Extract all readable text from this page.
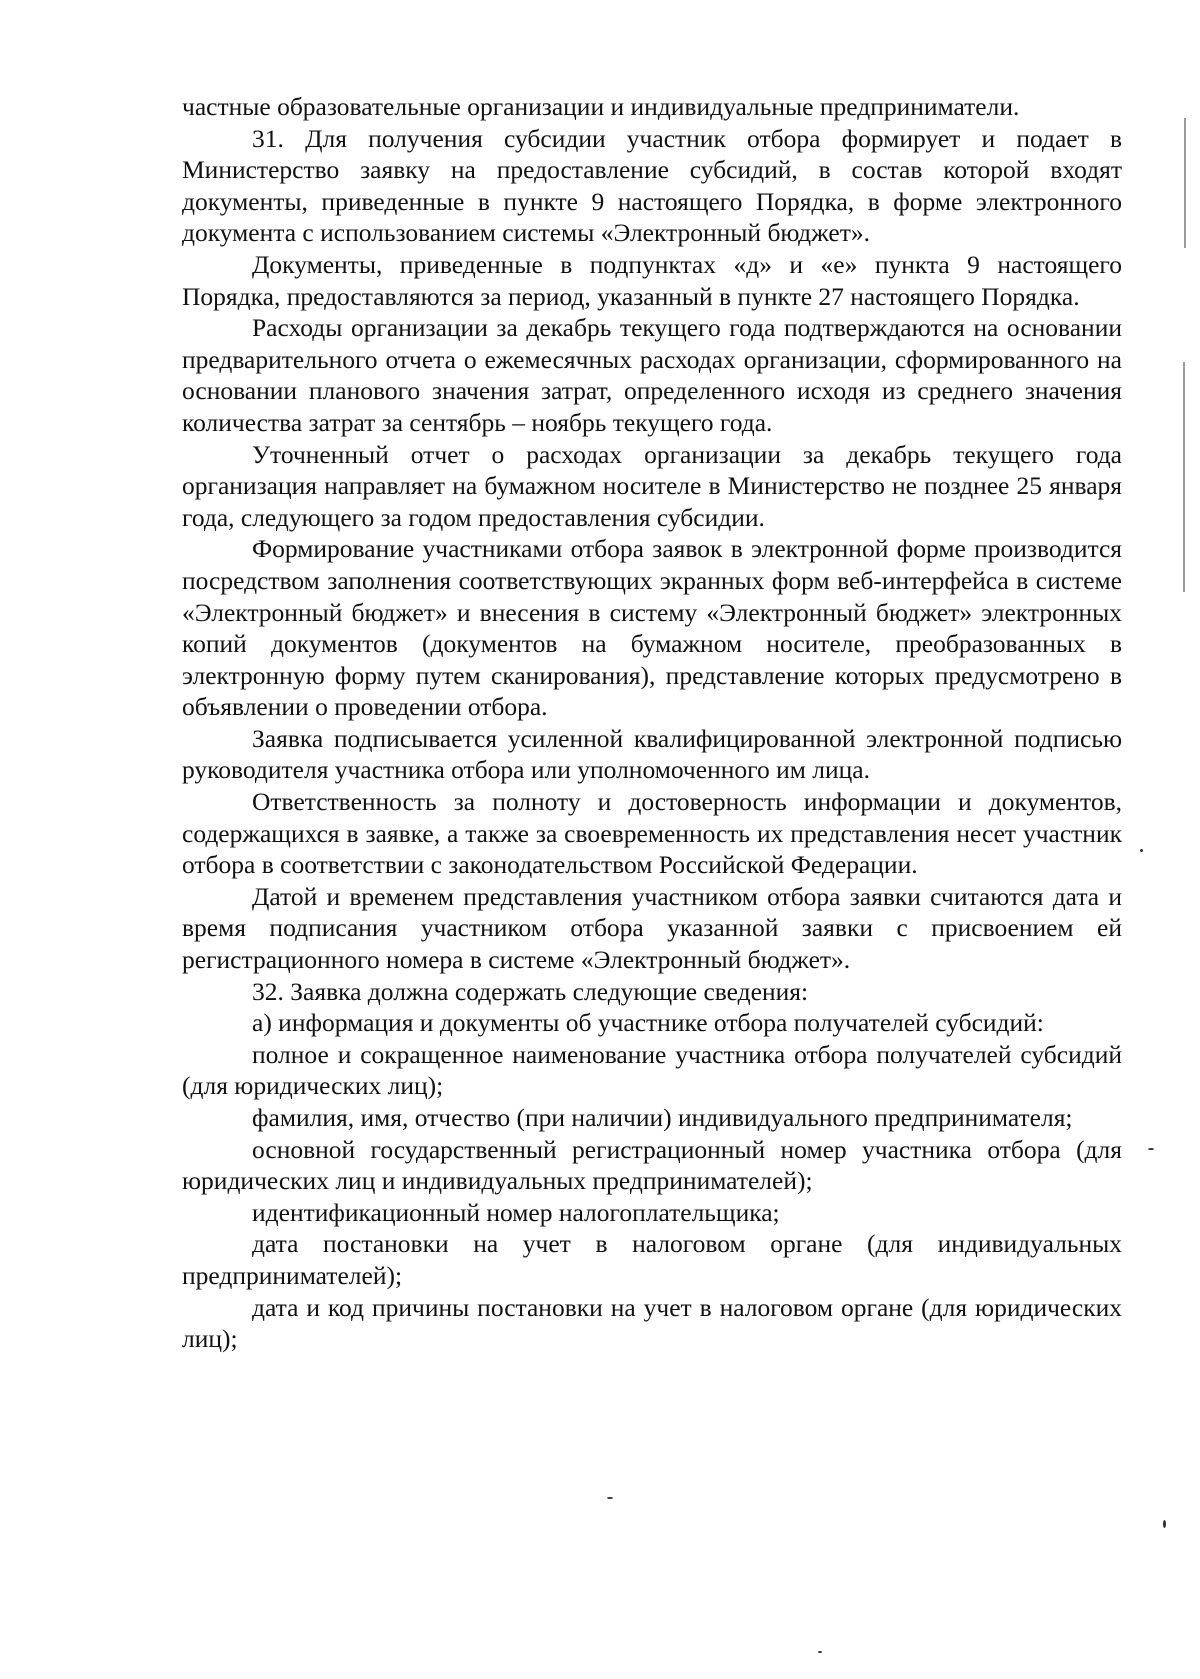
частные образовательные организации и индивидуальные предприниматели.

31. Для получения субсидии участник отбора формирует и подает в Министерство заявку на предоставление субсидий, в состав которой входят документы, приведенные в пункте 9 настоящего Порядка, в форме электронного документа с использованием системы «Электронный бюджет».

Документы, приведенные в подпунктах «д» и «е» пункта 9 настоящего Порядка, предоставляются за период, указанный в пункте 27 настоящего Порядка.

Расходы организации за декабрь текущего года подтверждаются на основании предварительного отчета о ежемесячных расходах организации, сформированного на основании планового значения затрат, определенного исходя из среднего значения количества затрат за сентябрь – ноябрь текущего года.

Уточненный отчет о расходах организации за декабрь текущего года организация направляет на бумажном носителе в Министерство не позднее 25 января года, следующего за годом предоставления субсидии.

Формирование участниками отбора заявок в электронной форме производится посредством заполнения соответствующих экранных форм веб-интерфейса в системе «Электронный бюджет» и внесения в систему «Электронный бюджет» электронных копий документов (документов на бумажном носителе, преобразованных в электронную форму путем сканирования), представление которых предусмотрено в объявлении о проведении отбора.

Заявка подписывается усиленной квалифицированной электронной подписью руководителя участника отбора или уполномоченного им лица.

Ответственность за полноту и достоверность информации и документов, содержащихся в заявке, а также за своевременность их представления несет участник отбора в соответствии с законодательством Российской Федерации.

Датой и временем представления участником отбора заявки считаются дата и время подписания участником отбора указанной заявки с присвоением ей регистрационного номера в системе «Электронный бюджет».

32. Заявка должна содержать следующие сведения:

а) информация и документы об участнике отбора получателей субсидий:

полное и сокращенное наименование участника отбора получателей субсидий (для юридических лиц);

фамилия, имя, отчество (при наличии) индивидуального предпринимателя;

основной государственный регистрационный номер участника отбора (для юридических лиц и индивидуальных предпринимателей);

идентификационный номер налогоплательщика;

дата постановки на учет в налоговом органе (для индивидуальных предпринимателей);

дата и код причины постановки на учет в налоговом органе (для юридических лиц);
